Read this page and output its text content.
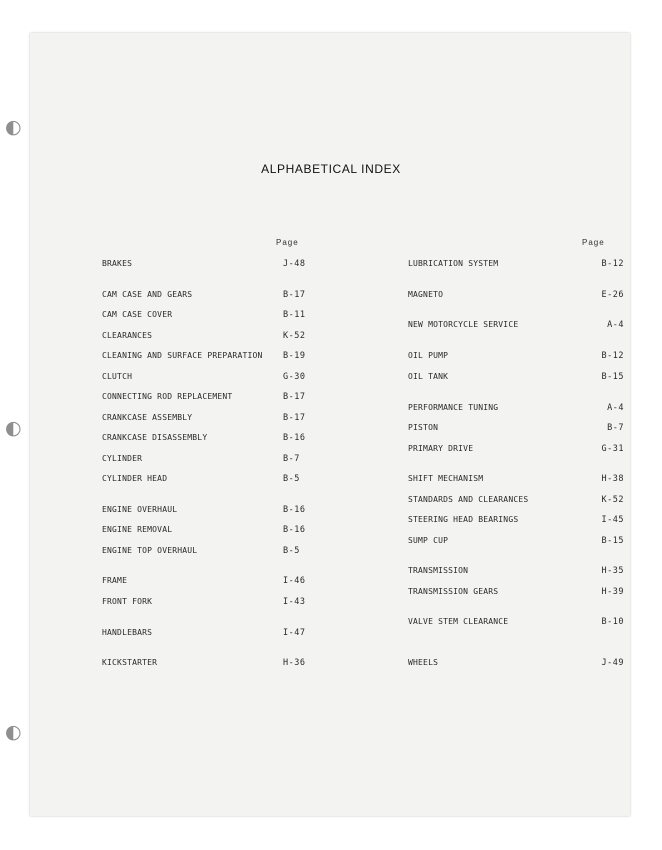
◐
◐
◐
ALPHABETICAL INDEX
Page	Page
BRAKES	J-48
CAM CASE AND GEARS	B-17
CAM CASE COVER	B-11
CLEARANCES	K-52
CLEANING AND SURFACE PREPARATION B-19
CLUTCH	G-30
CONNECTING ROD REPLACEMENT	B-17
CRANKCASE ASSEMBLY	B-17
CRANKCASE DISASSEMBLY	B-16
CYLINDER	B-7
CYLINDER HEAD	B-5
ENGINE OVERHAUL	B-16
ENGINE REMOVAL	B-16
ENGINE TOP OVERHAUL	B-5
FRAME	I-46
FRONT FORK	I-43
HANDLEBARS	I-47
KICKSTARTER	H-36
LUBRICATION SYSTEM	B-12
MAGNETO	E-26
NEW MOTORCYCLE SERVICE	A-4
OIL PUMP	B-12
OIL TANK	B-15
PERFORMANCE TUNING	A-4
PISTON	B-7
PRIMARY DRIVE	G-31
SHIFT MECHANISM	H-38
STANDARDS AND CLEARANCES	K-52
STEERING HEAD BEARINGS	I-45
SUMP CUP	B-15
TRANSMISSION	H-35
TRANSMISSION GEARS	H-39
VALVE STEM CLEARANCE	B-10
WHEELS	J-49
